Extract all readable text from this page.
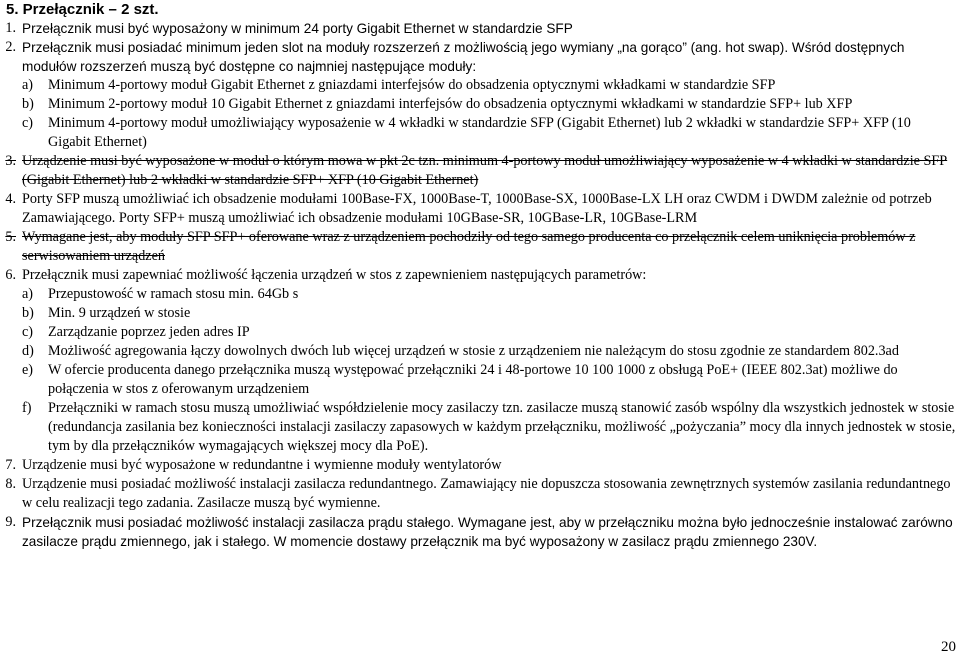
5. Przełącznik – 2 szt.
1. Przełącznik musi być wyposażony w minimum 24 porty Gigabit Ethernet w standardzie SFP
2. Przełącznik musi posiadać minimum jeden slot na moduły rozszerzeń z możliwością jego wymiany „na gorąco” (ang. hot swap). Wśród dostępnych modułów rozszerzeń muszą być dostępne co najmniej następujące moduły:
a)	Minimum 4-portowy moduł Gigabit Ethernet z gniazdami interfejsów do obsadzenia optycznymi wkładkami w standardzie SFP
b) Minimum 2-portowy moduł 10 Gigabit Ethernet z gniazdami interfejsów do obsadzenia optycznymi wkładkami w standardzie SFP+ lub XFP
c)	Minimum 4-portowy moduł umożliwiający wyposażenie w 4 wkładki w standardzie SFP (Gigabit Ethernet) lub 2 wkładki w standardzie SFP+ XFP (10 Gigabit Ethernet)
3. Urządzenie musi być wyposażone w moduł o którym mowa w pkt 2c tzn. minimum 4-portowy moduł umożliwiający wyposażenie w 4 wkładki w standardzie SFP (Gigabit Ethernet) lub 2 wkładki w standardzie SFP+ XFP (10 Gigabit Ethernet)
4. Porty SFP muszą umożliwiać ich obsadzenie modułami 100Base-FX, 1000Base-T, 1000Base-SX, 1000Base-LX LH oraz CWDM i DWDM zależnie od potrzeb Zamawiającego. Porty SFP+ muszą umożliwiać ich obsadzenie modułami 10GBase-SR, 10GBase-LR, 10GBase-LRM
5. Wymagane jest, aby moduły SFP SFP+ oferowane wraz z urządzeniem pochodziły od tego samego producenta co przełącznik celem uniknięcia problemów z serwisowaniem urządzeń
6. Przełącznik musi zapewniać możliwość łączenia urządzeń w stos z zapewnieniem następujących parametrów:
a)	Przepustowość w ramach stosu min. 64Gb s
b) Min. 9 urządzeń w stosie
c)	Zarządzanie poprzez jeden adres IP
d) Możliwość agregowania łączy dowolnych dwóch lub więcej urządzeń w stosie z urządzeniem nie należącym do stosu zgodnie ze standardem 802.3ad
e)	W ofercie producenta danego przełącznika muszą występować przełączniki 24 i 48-portowe 10 100 1000 z obsługą PoE+ (IEEE 802.3at) możliwe do połączenia w stos z oferowanym urządzeniem
f)	Przełączniki w ramach stosu muszą umożliwiać współdzielenie mocy zasilaczy tzn. zasilacze muszą stanowić zasób wspólny dla wszystkich jednostek w stosie (redundancja zasilania bez konieczności instalacji zasilaczy zapasowych w każdym przełączniku, możliwość „pożyczania” mocy dla innych jednostek w stosie, tym by dla przełączników wymagających większej mocy dla PoE).
7. Urządzenie musi być wyposażone w redundantne i wymienne moduły wentylatorów
8. Urządzenie musi posiadać możliwość instalacji zasilacza redundantnego. Zamawiający nie dopuszcza stosowania zewnętrznych systemów zasilania redundantnego w celu realizacji tego zadania. Zasilacze muszą być wymienne.
9. Przełącznik musi posiadać możliwość instalacji zasilacza prądu stałego. Wymagane jest, aby w przełączniku można było jednocześnie instalować zarówno zasilacze prądu zmiennego, jak i stałego. W momencie dostawy przełącznik ma być wyposażony w zasilacz prądu zmiennego 230V.
20
